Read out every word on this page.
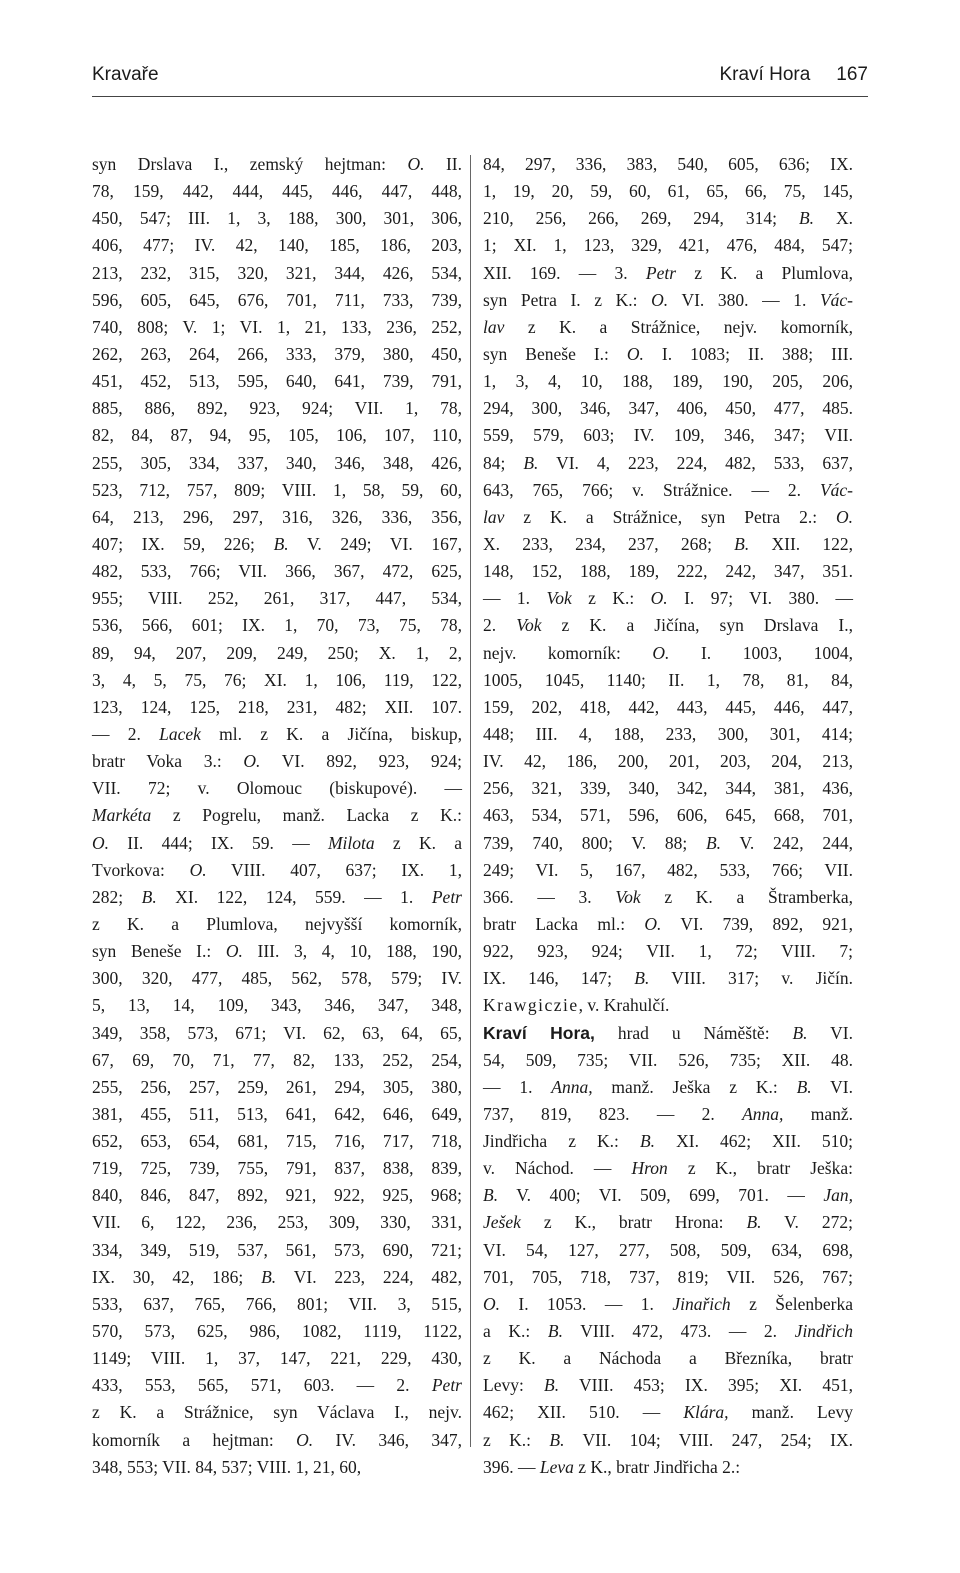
Kravaře	Kraví Hora 167
syn Drslava I., zemský hejtman: O. II.
78, 159, 442, 444, 445, 446, 447, 448,
450, 547; III. 1, 3, 188, 300, 301, 306,
406, 477; IV. 42, 140, 185, 186, 203,
213, 232, 315, 320, 321, 344, 426, 534,
596, 605, 645, 676, 701, 711, 733, 739,
740, 808; V. 1; VI. 1, 21, 133, 236, 252,
262, 263, 264, 266, 333, 379, 380, 450,
451, 452, 513, 595, 640, 641, 739, 791,
885, 886, 892, 923, 924; VII. 1, 78,
82, 84, 87, 94, 95, 105, 106, 107, 110,
255, 305, 334, 337, 340, 346, 348, 426,
523, 712, 757, 809; VIII. 1, 58, 59, 60,
64, 213, 296, 297, 316, 326, 336, 356,
407; IX. 59, 226; B. V. 249; VI. 167,
482, 533, 766; VII. 366, 367, 472, 625,
955; VIII. 252, 261, 317, 447, 534,
536, 566, 601; IX. 1, 70, 73, 75, 78,
89, 94, 207, 209, 249, 250; X. 1, 2,
3, 4, 5, 75, 76; XI. 1, 106, 119, 122,
123, 124, 125, 218, 231, 482; XII. 107.
— 2. Lacek ml. z K. a Jičína, biskup,
bratr Voka 3.: O. VI. 892, 923, 924;
VII. 72; v. Olomouc (biskupové). —
Markéta z Pogrelu, manž. Lacka z K.:
O. II. 444; IX. 59. — Milota z K. a
Tvorkova: O. VIII. 407, 637; IX. 1,
282; B. XI. 122, 124, 559. — 1. Petr
z K. a Plumlova, nejvyšší komorník,
syn Beneše I.: O. III. 3, 4, 10, 188, 190,
300, 320, 477, 485, 562, 578, 579; IV.
5, 13, 14, 109, 343, 346, 347, 348,
349, 358, 573, 671; VI. 62, 63, 64, 65,
67, 69, 70, 71, 77, 82, 133, 252, 254,
255, 256, 257, 259, 261, 294, 305, 380,
381, 455, 511, 513, 641, 642, 646, 649,
652, 653, 654, 681, 715, 716, 717, 718,
719, 725, 739, 755, 791, 837, 838, 839,
840, 846, 847, 892, 921, 922, 925, 968;
VII. 6, 122, 236, 253, 309, 330, 331,
334, 349, 519, 537, 561, 573, 690, 721;
IX. 30, 42, 186; B. VI. 223, 224, 482,
533, 637, 765, 766, 801; VII. 3, 515,
570, 573, 625, 986, 1082, 1119, 1122,
1149; VIII. 1, 37, 147, 221, 229, 430,
433, 553, 565, 571, 603. — 2. Petr
z K. a Strážnice, syn Václava I., nejv.
komorník a hejtman: O. IV. 346, 347,
348, 553; VII. 84, 537; VIII. 1, 21, 60,
84, 297, 336, 383, 540, 605, 636; IX.
1, 19, 20, 59, 60, 61, 65, 66, 75, 145,
210, 256, 266, 269, 294, 314; B. X.
1; XI. 1, 123, 329, 421, 476, 484, 547;
XII. 169. — 3. Petr z K. a Plumlova,
syn Petra I. z K.: O. VI. 380. — 1. Vác-
lav z K. a Strážnice, nejv. komorník,
syn Beneše I.: O. I. 1083; II. 388; III.
1, 3, 4, 10, 188, 189, 190, 205, 206,
294, 300, 346, 347, 406, 450, 477, 485.
559, 579, 603; IV. 109, 346, 347; VII.
84; B. VI. 4, 223, 224, 482, 533, 637,
643, 765, 766; v. Strážnice. — 2. Vác-
lav z K. a Strážnice, syn Petra 2.: O.
X. 233, 234, 237, 268; B. XII. 122,
148, 152, 188, 189, 222, 242, 347, 351.
— 1. Vok z K.: O. I. 97; VI. 380. —
2. Vok z K. a Jičína, syn Drslava I.,
nejv. komorník: O. I. 1003, 1004,
1005, 1045, 1140; II. 1, 78, 81, 84,
159, 202, 418, 442, 443, 445, 446, 447,
448; III. 4, 188, 233, 300, 301, 414;
IV. 42, 186, 200, 201, 203, 204, 213,
256, 321, 339, 340, 342, 344, 381, 436,
463, 534, 571, 596, 606, 645, 668, 701,
739, 740, 800; V. 88; B. V. 242, 244,
249; VI. 5, 167, 482, 533, 766; VII.
366. — 3. Vok z K. a Štramberka,
bratr Lacka ml.: O. VI. 739, 892, 921,
922, 923, 924; VII. 1, 72; VIII. 7;
IX. 146, 147; B. VIII. 317; v. Jičín.
Krawgiczie, v. Krahulčí.
Kraví Hora, hrad u Náměště: B. VI.
54, 509, 735; VII. 526, 735; XII. 48.
— 1. Anna, manž. Ješka z K.: B. VI.
737, 819, 823. — 2. Anna, manž.
Jindřicha z K.: B. XI. 462; XII. 510;
v. Náchod. — Hron z K., bratr Ješka:
B. V. 400; VI. 509, 699, 701. — Jan,
Ješek z K., bratr Hrona: B. V. 272;
VI. 54, 127, 277, 508, 509, 634, 698,
701, 705, 718, 737, 819; VII. 526, 767;
O. I. 1053. — 1. Jinařich z Šelenberka
a K.: B. VIII. 472, 473. — 2. Jindřich
z K. a Náchoda a Březníka, bratr
Levy: B. VIII. 453; IX. 395; XI. 451,
462; XII. 510. — Klára, manž. Levy
z K.: B. VII. 104; VIII. 247, 254; IX.
396. — Leva z K., bratr Jindřicha 2.:
